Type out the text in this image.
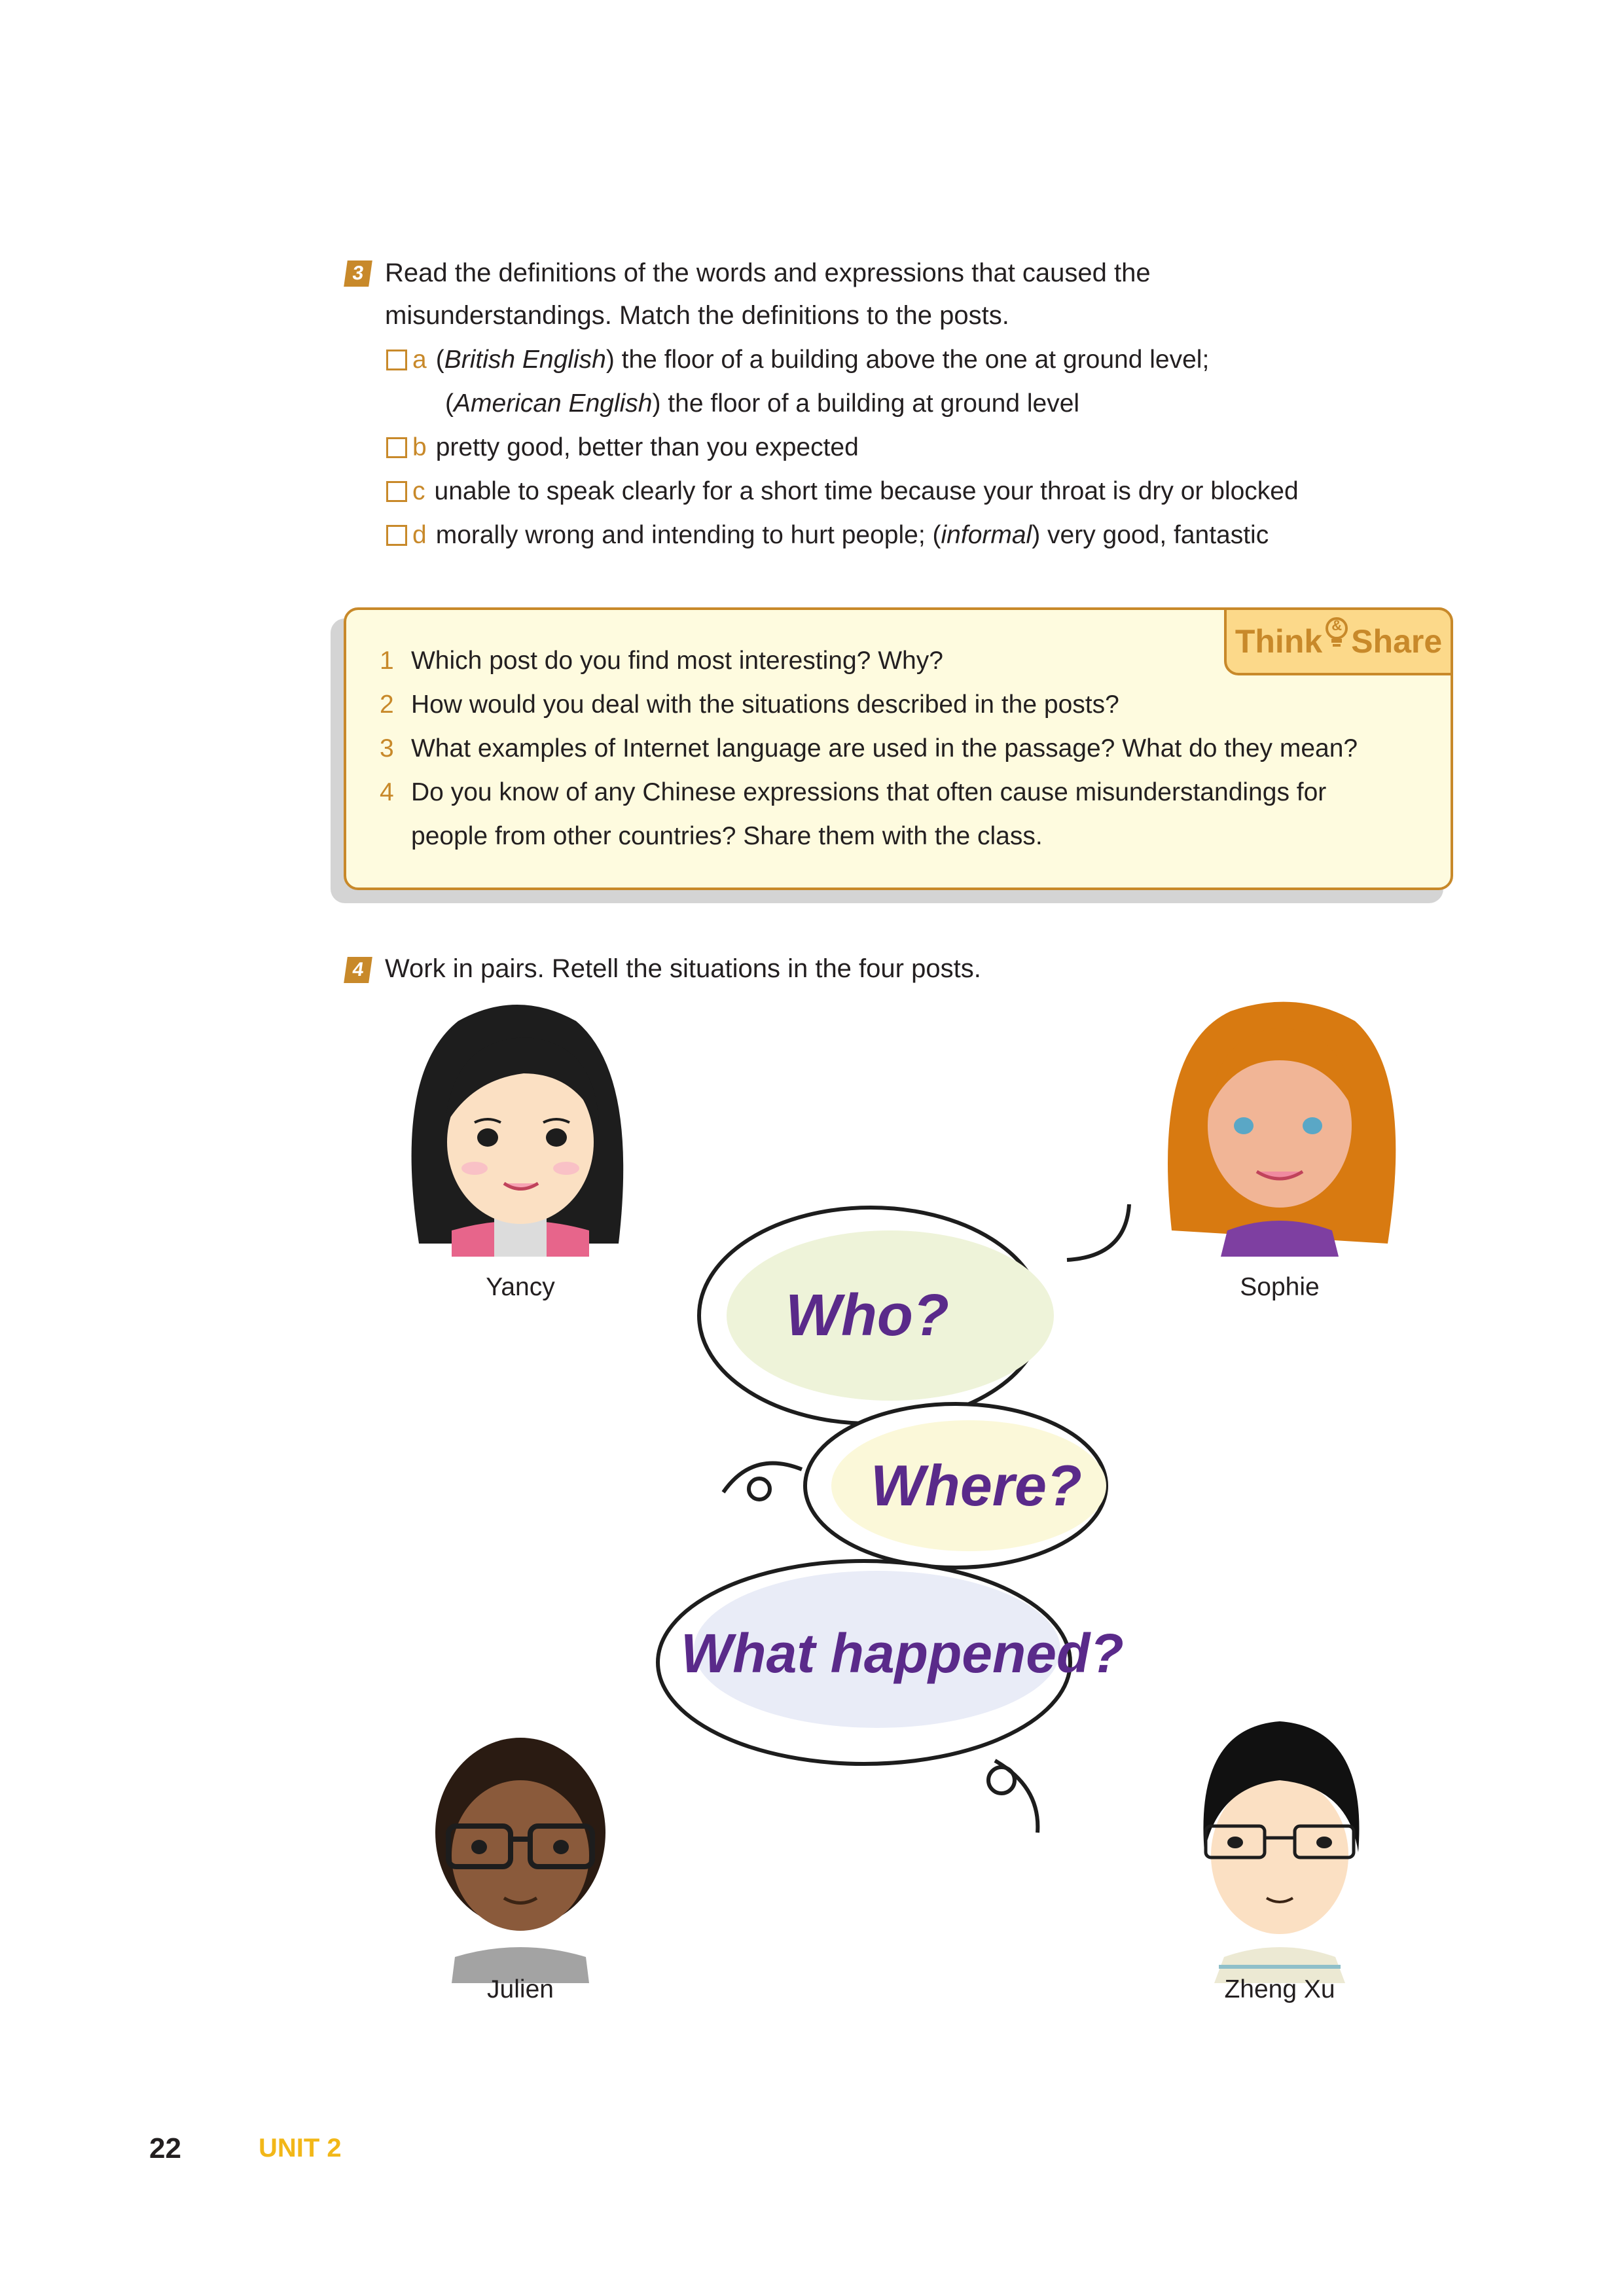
3 Read the definitions of the words and expressions that caused the
misunderstandings. Match the definitions to the posts.
a (British English) the floor of a building above the one at ground level;
(American English) the floor of a building at ground level
b pretty good, better than you expected
c unable to speak clearly for a short time because your throat is dry or blocked
d morally wrong and intending to hurt people; (informal) very good, fantastic
Think & Share
1 Which post do you find most interesting? Why?
2 How would you deal with the situations described in the posts?
3 What examples of Internet language are used in the passage? What do they mean?
4 Do you know of any Chinese expressions that often cause misunderstandings for
people from other countries? Share them with the class.
4 Work in pairs. Retell the situations in the four posts.
Who?
Where?
What happened?
Yancy	Sophie
Julien	Zheng Xu
22	UNIT 2
